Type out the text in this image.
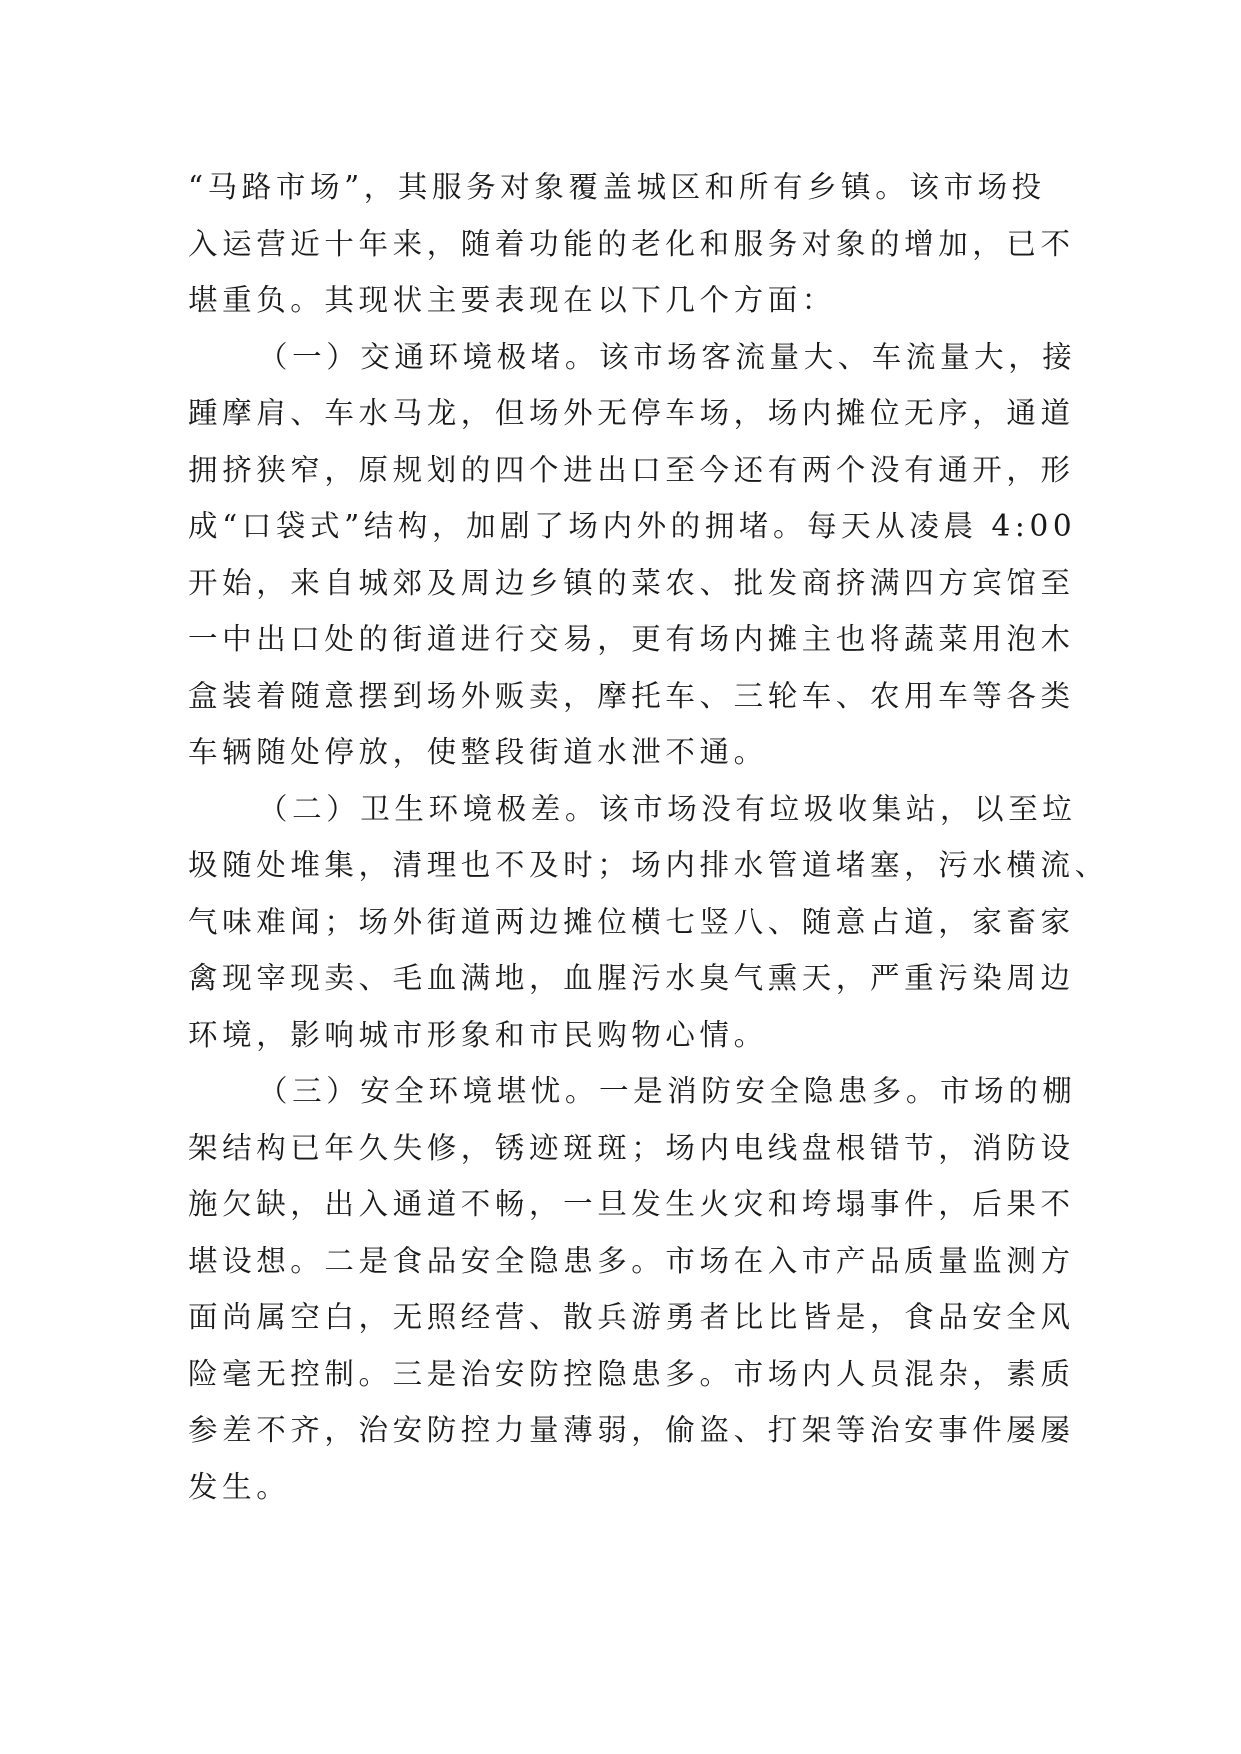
“马路市场”，其服务对象覆盖城区和所有乡镇。该市场投
入运营近十年来，随着功能的老化和服务对象的增加，已不
堪重负。其现状主要表现在以下几个方面：
（一）交通环境极堵。该市场客流量大、车流量大，接
踵摩肩、车水马龙，但场外无停车场，场内摊位无序，通道
拥挤狭窄，原规划的四个进出口至今还有两个没有通开，形
成“口袋式”结构，加剧了场内外的拥堵。每天从凌晨 4:00
开始，来自城郊及周边乡镇的菜农、批发商挤满四方宾馆至
一中出口处的街道进行交易，更有场内摊主也将蔬菜用泡木
盒装着随意摆到场外贩卖，摩托车、三轮车、农用车等各类
车辆随处停放，使整段街道水泄不通。
（二）卫生环境极差。该市场没有垃圾收集站，以至垃
圾随处堆集，清理也不及时；场内排水管道堵塞，污水横流、
气味难闻；场外街道两边摊位横七竖八、随意占道，家畜家
禽现宰现卖、毛血满地，血腥污水臭气熏天，严重污染周边
环境，影响城市形象和市民购物心情。
（三）安全环境堪忧。一是消防安全隐患多。市场的棚
架结构已年久失修，锈迹斑斑；场内电线盘根错节，消防设
施欠缺，出入通道不畅，一旦发生火灾和垮塌事件，后果不
堪设想。二是食品安全隐患多。市场在入市产品质量监测方
面尚属空白，无照经营、散兵游勇者比比皆是，食品安全风
险毫无控制。三是治安防控隐患多。市场内人员混杂，素质
参差不齐，治安防控力量薄弱，偷盗、打架等治安事件屡屡
发生。
